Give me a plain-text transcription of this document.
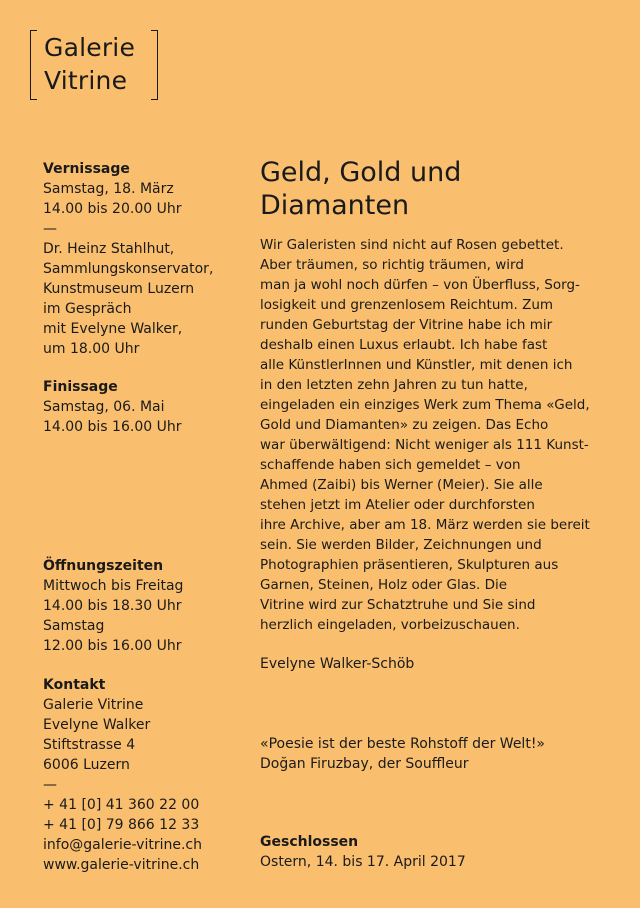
Galerie
Vitrine
Vernissage
Samstag, 18. März
14.00 bis 20.00 Uhr
—
Dr. Heinz Stahlhut,
Sammlungskonservator,
Kunstmuseum Luzern
im Gespräch
mit Evelyne Walker,
um 18.00 Uhr
Finissage
Samstag, 06. Mai
14.00 bis 16.00 Uhr
Öffnungszeiten
Mittwoch bis Freitag
14.00 bis 18.30 Uhr
Samstag
12.00 bis 16.00 Uhr
Kontakt
Galerie Vitrine
Evelyne Walker
Stiftstrasse 4
6006 Luzern
—
+ 41 [0] 41 360 22 00
+ 41 [0] 79 866 12 33
info@galerie-vitrine.ch
www.galerie-vitrine.ch
Geld, Gold und
Diamanten
Wir Galeristen sind nicht auf Rosen gebettet.
Aber träumen, so richtig träumen, wird
man ja wohl noch dürfen – von Überfluss, Sorg-
losigkeit und grenzenlosem Reichtum. Zum
runden Geburtstag der Vitrine habe ich mir
deshalb einen Luxus erlaubt. Ich habe fast
alle KünstlerInnen und Künstler, mit denen ich
in den letzten zehn Jahren zu tun hatte,
eingeladen ein einziges Werk zum Thema «Geld,
Gold und Diamanten» zu zeigen. Das Echo
war überwältigend: Nicht weniger als 111 Kunst-
schaffende haben sich gemeldet – von
Ahmed (Zaibi) bis Werner (Meier). Sie alle
stehen jetzt im Atelier oder durchforsten
ihre Archive, aber am 18. März werden sie bereit
sein. Sie werden Bilder, Zeichnungen und
Photographien präsentieren, Skulpturen aus
Garnen, Steinen, Holz oder Glas. Die
Vitrine wird zur Schatztruhe und Sie sind
herzlich eingeladen, vorbeizuschauen.
Evelyne Walker-Schöb
«Poesie ist der beste Rohstoff der Welt!»
Doğan Firuzbay, der Souffleur
Geschlossen
Ostern, 14. bis 17. April 2017
